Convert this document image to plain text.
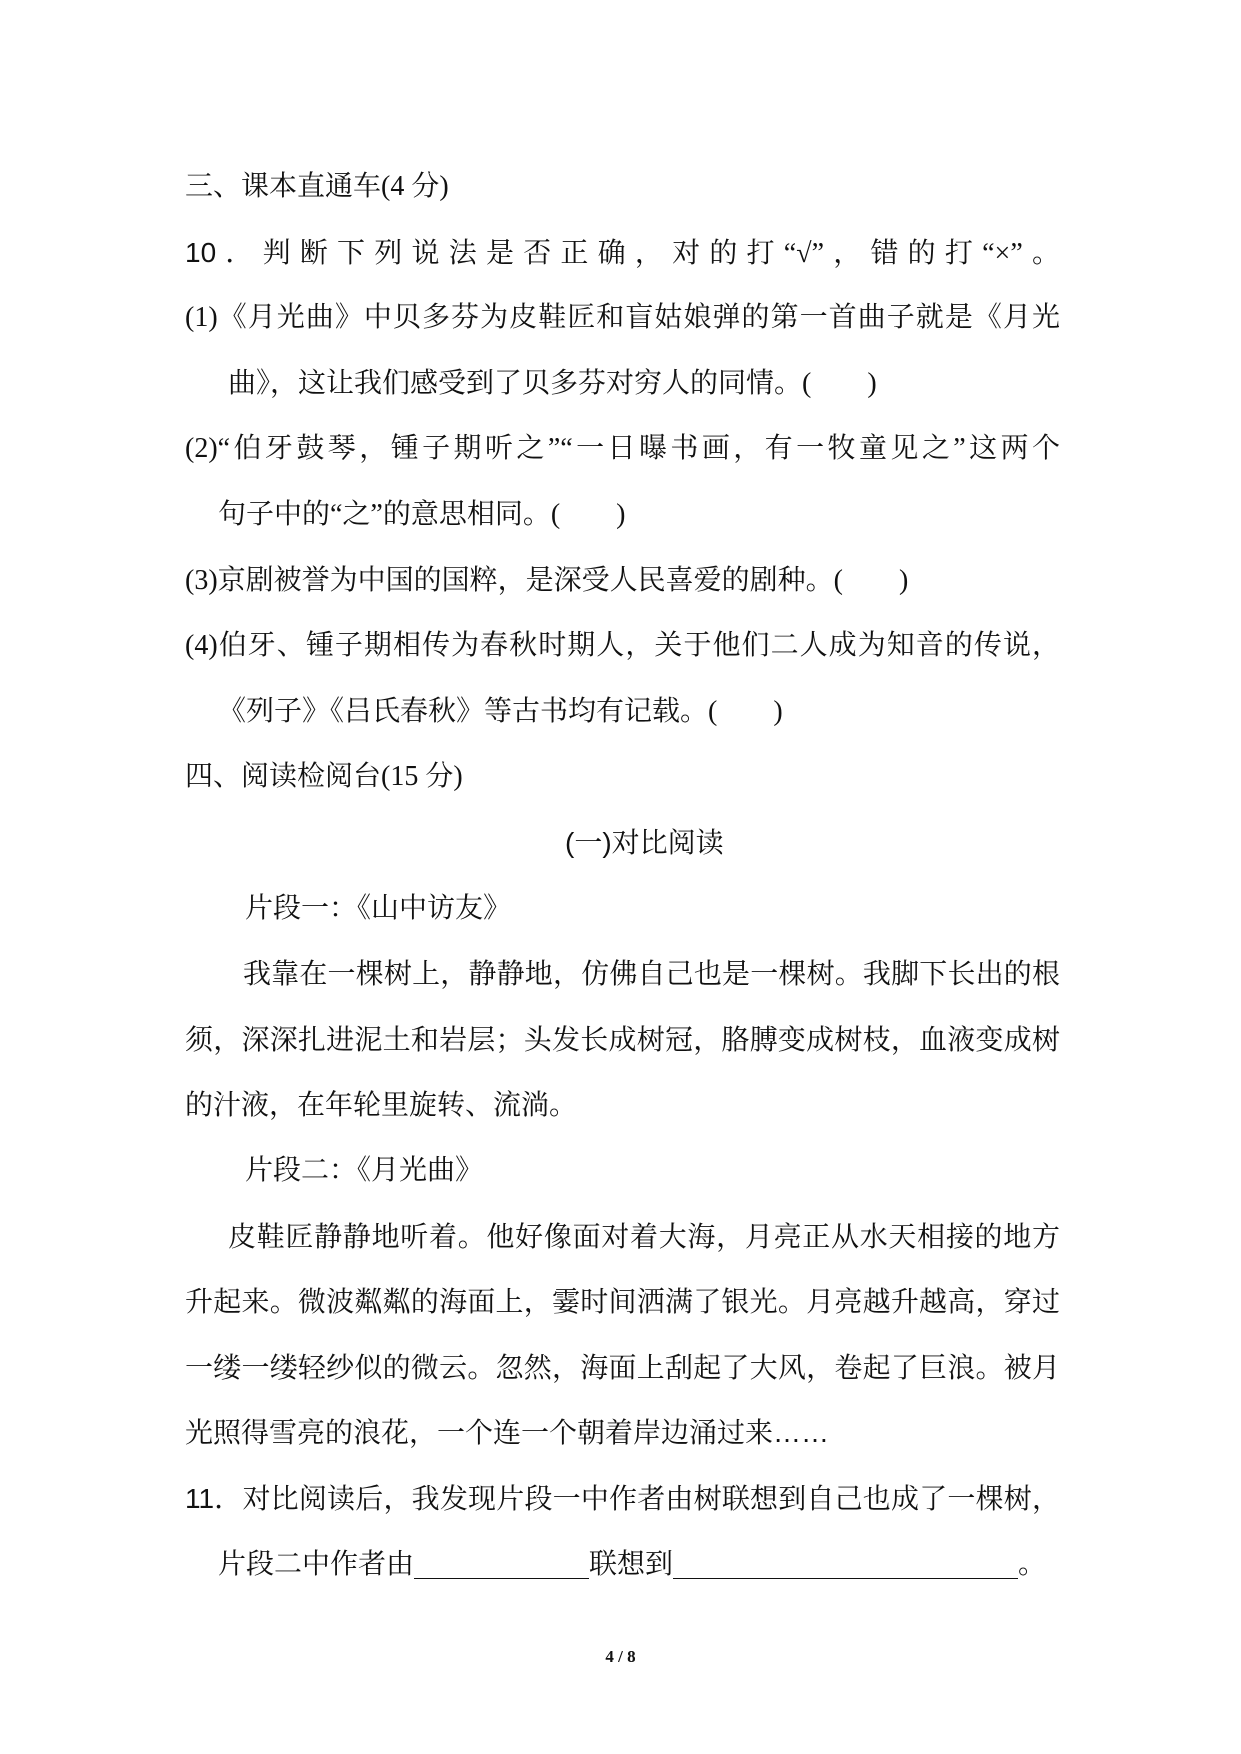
三、课本直通车(4 分)
10．判断下列说法是否正确，对的打“√”，错的打“×”。
(1)《月光曲》中贝多芬为皮鞋匠和盲姑娘弹的第一首曲子就是《月光
曲》，这让我们感受到了贝多芬对穷人的同情。(　　)
(2)“伯牙鼓琴，锺子期听之”“一日曝书画，有一牧童见之”这两个
句子中的“之”的意思相同。(　　)
(3)京剧被誉为中国的国粹，是深受人民喜爱的剧种。(　　)
(4)伯牙、锺子期相传为春秋时期人，关于他们二人成为知音的传说，
《列子》《吕氏春秋》等古书均有记载。(　　)
四、阅读检阅台(15 分)
(一)对比阅读
片段一：《山中访友》
我靠在一棵树上，静静地，仿佛自己也是一棵树。我脚下长出的根
须，深深扎进泥土和岩层；头发长成树冠，胳膊变成树枝，血液变成树
的汁液，在年轮里旋转、流淌。
片段二：《月光曲》
皮鞋匠静静地听着。他好像面对着大海，月亮正从水天相接的地方
升起来。微波粼粼的海面上，霎时间洒满了银光。月亮越升越高，穿过
一缕一缕轻纱似的微云。忽然，海面上刮起了大风，卷起了巨浪。被月
光照得雪亮的浪花，一个连一个朝着岸边涌过来……
11．对比阅读后，我发现片段一中作者由树联想到自己也成了一棵树，
片段二中作者由	联想到	。
4 / 8
